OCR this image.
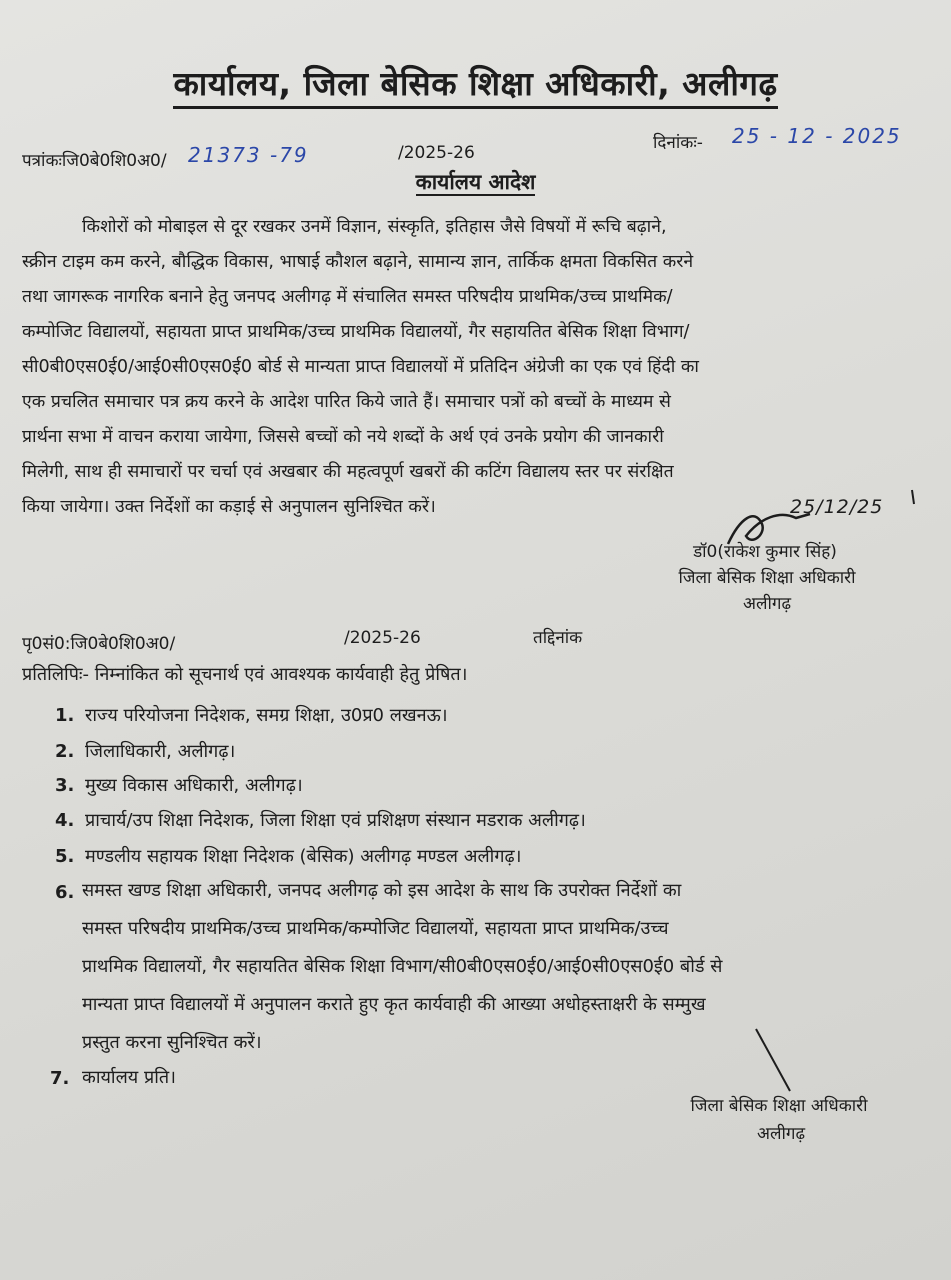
कार्यालय, जिला बेसिक शिक्षा अधिकारी, अलीगढ़
पत्रांकःजि0बे0शि0अ0/ 21373 -79	/2025-26	दिनांकः- 25 - 12 - 2025
कार्यालय आदेश
किशोरों को मोबाइल से दूर रखकर उनमें विज्ञान, संस्कृति, इतिहास जैसे विषयों में रूचि बढ़ाने,
स्क्रीन टाइम कम करने, बौद्धिक विकास, भाषाई कौशल बढ़ाने, सामान्य ज्ञान, तार्किक क्षमता विकसित करने
तथा जागरूक नागरिक बनाने हेतु जनपद अलीगढ़ में संचालित समस्त परिषदीय प्राथमिक/उच्च प्राथमिक/
कम्पोजिट विद्यालयों, सहायता प्राप्त प्राथमिक/उच्च प्राथमिक विद्यालयों, गैर सहायतित बेसिक शिक्षा विभाग/
सी0बी0एस0ई0/आई0सी0एस0ई0 बोर्ड से मान्यता प्राप्त विद्यालयों में प्रतिदिन अंग्रेजी का एक एवं हिंदी का
एक प्रचलित समाचार पत्र क्रय करने के आदेश पारित किये जाते हैं। समाचार पत्रों को बच्चों के माध्यम से
प्रार्थना सभा में वाचन कराया जायेगा, जिससे बच्चों को नये शब्दों के अर्थ एवं उनके प्रयोग की जानकारी
मिलेगी, साथ ही समाचारों पर चर्चा एवं अखबार की महत्वपूर्ण खबरों की कटिंग विद्यालय स्तर पर संरक्षित
किया जायेगा। उक्त निर्देशों का कड़ाई से अनुपालन सुनिश्चित करें।	25/12/25
डॉ0(राकेश कुमार सिंह)
जिला बेसिक शिक्षा अधिकारी
अलीगढ़
पृ0सं0:जि0बे0शि0अ0/	/2025-26	तद्दिनांक
प्रतिलिपिः- निम्नांकित को सूचनार्थ एवं आवश्यक कार्यवाही हेतु प्रेषित।
1. राज्य परियोजना निदेशक, समग्र शिक्षा, उ0प्र0 लखनऊ।
2. जिलाधिकारी, अलीगढ़।
3. मुख्य विकास अधिकारी, अलीगढ़।
4. प्राचार्य/उप शिक्षा निदेशक, जिला शिक्षा एवं प्रशिक्षण संस्थान मडराक अलीगढ़।
5. मण्डलीय सहायक शिक्षा निदेशक (बेसिक) अलीगढ़ मण्डल अलीगढ़।
6. समस्त खण्ड शिक्षा अधिकारी, जनपद अलीगढ़ को इस आदेश के साथ कि उपरोक्त निर्देशों का
समस्त परिषदीय प्राथमिक/उच्च प्राथमिक/कम्पोजिट विद्यालयों, सहायता प्राप्त प्राथमिक/उच्च
प्राथमिक विद्यालयों, गैर सहायतित बेसिक शिक्षा विभाग/सी0बी0एस0ई0/आई0सी0एस0ई0 बोर्ड से
मान्यता प्राप्त विद्यालयों में अनुपालन कराते हुए कृत कार्यवाही की आख्या अधोहस्ताक्षरी के सम्मुख
प्रस्तुत करना सुनिश्चित करें।
7. कार्यालय प्रति।
जिला बेसिक शिक्षा अधिकारी
अलीगढ़
